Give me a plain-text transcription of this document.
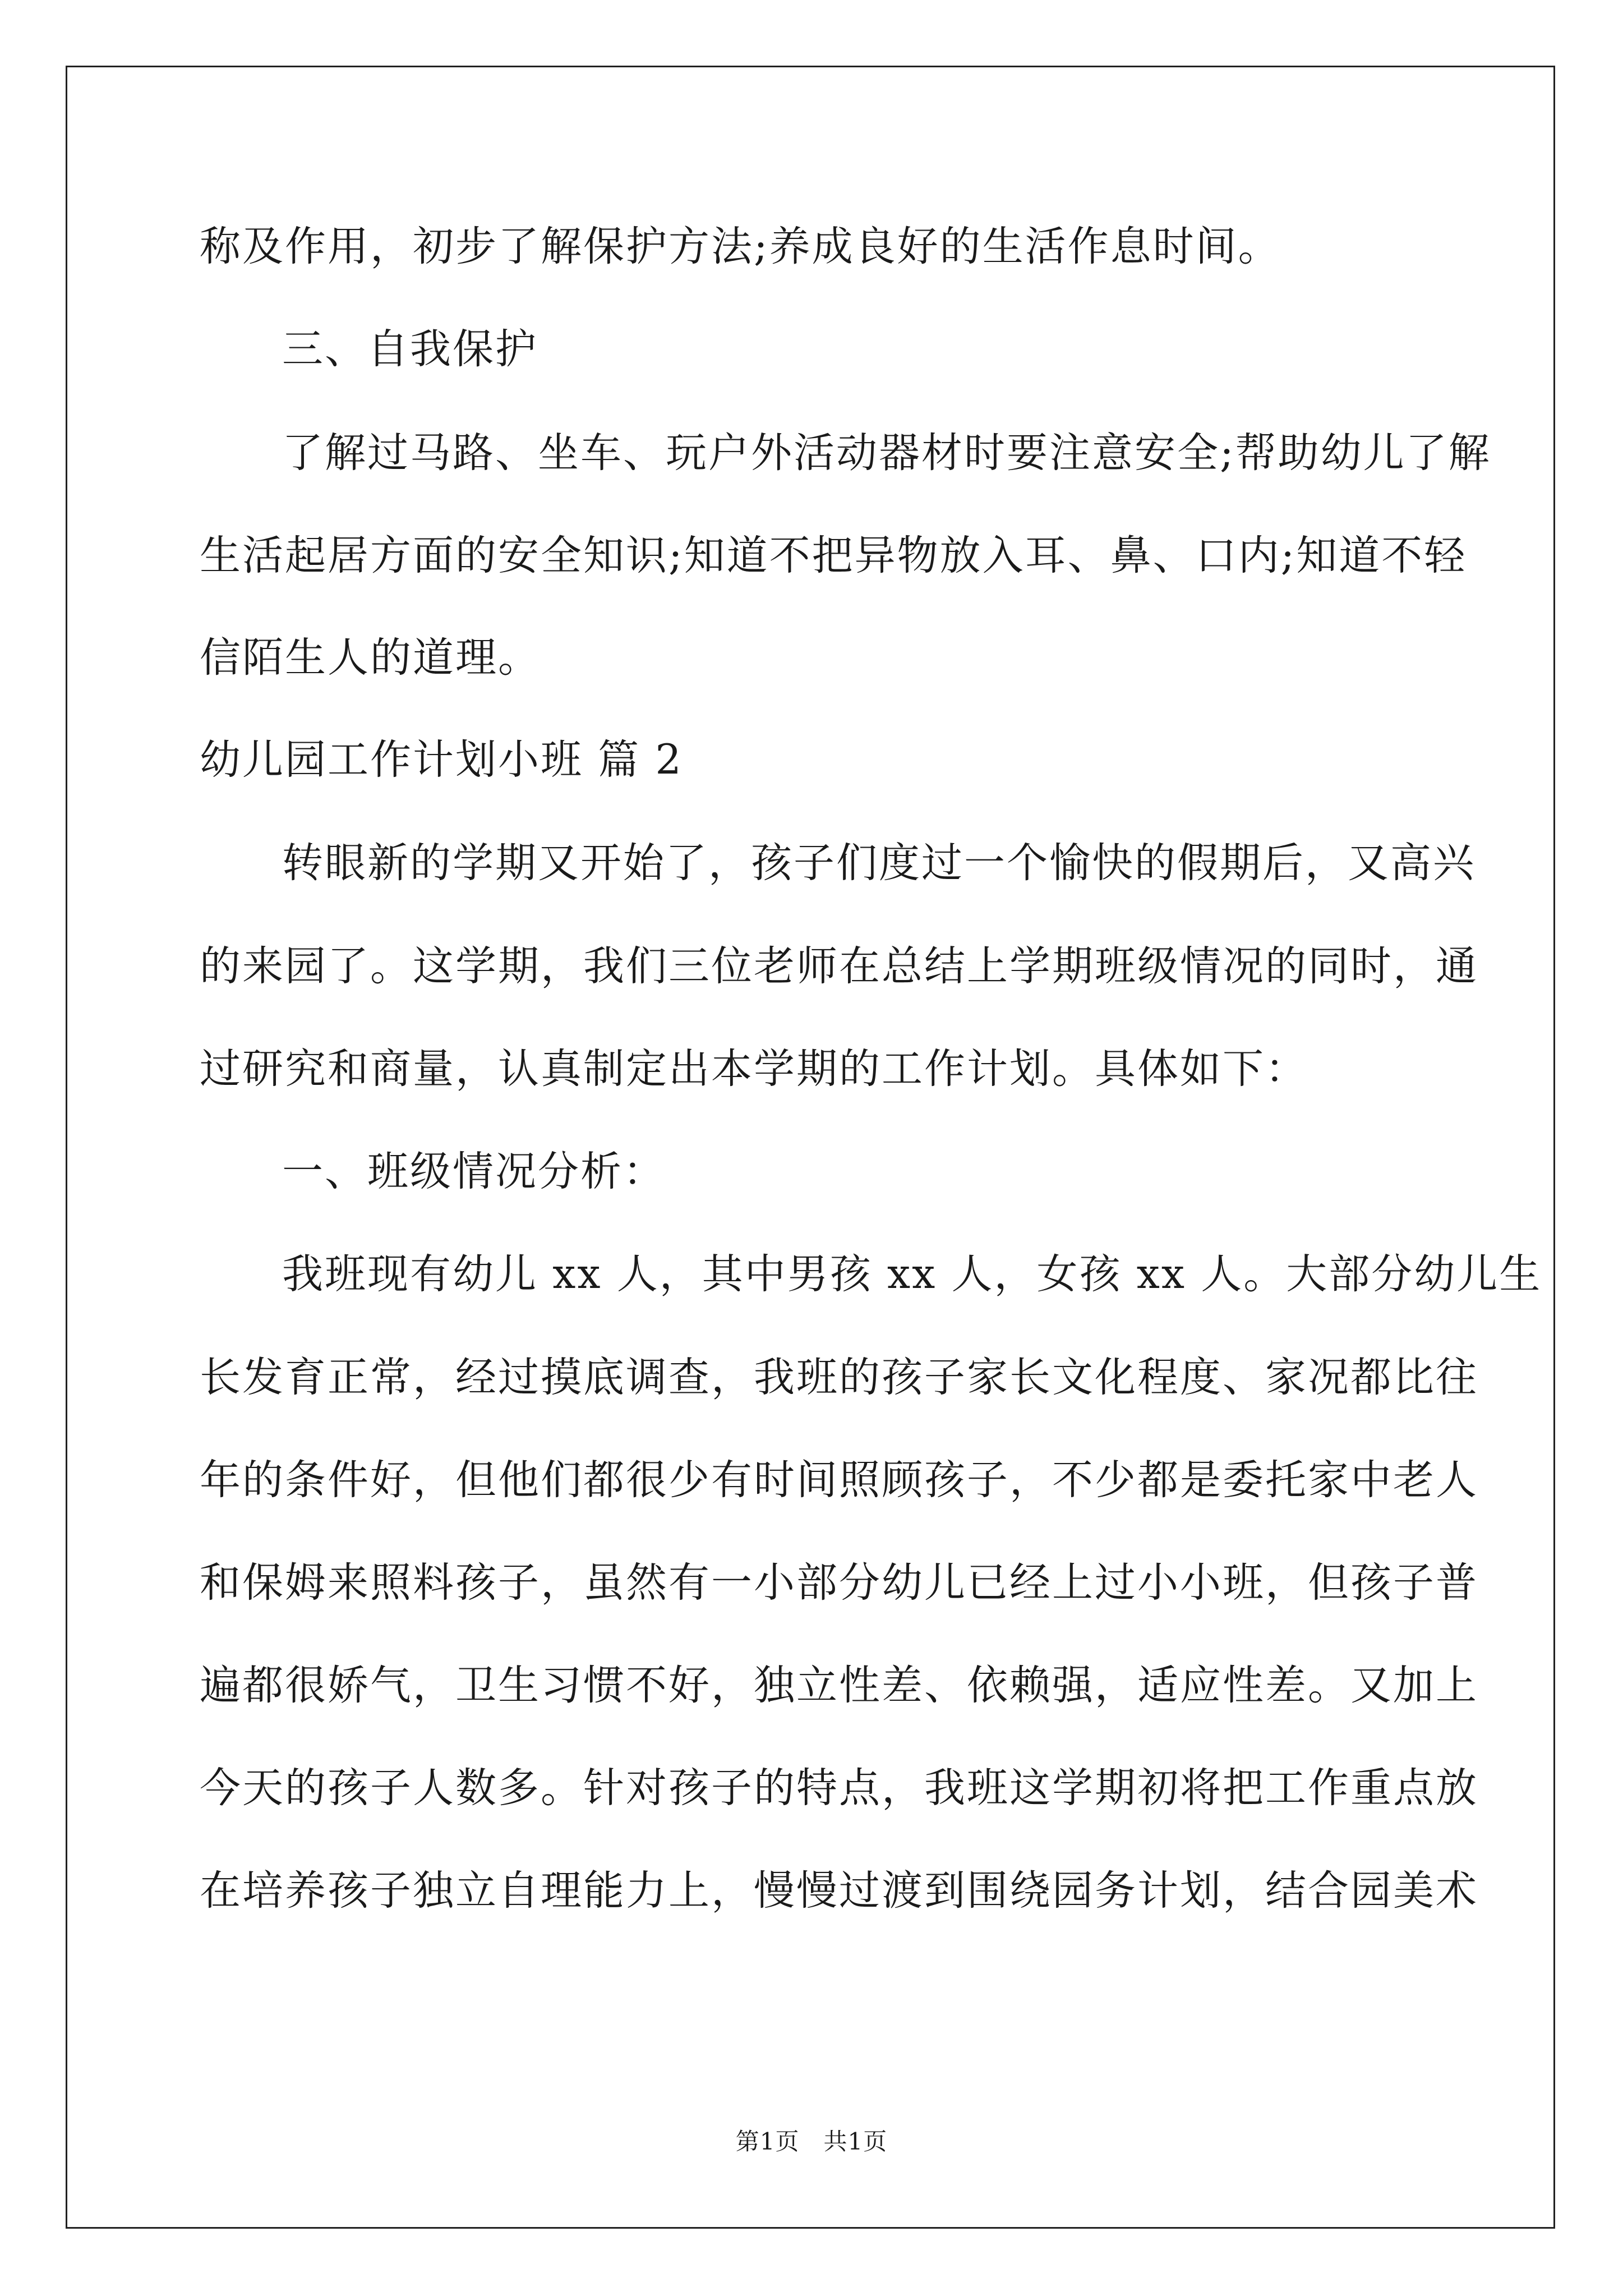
称及作用，初步了解保护方法;养成良好的生活作息时间。

三、自我保护

了解过马路、坐车、玩户外活动器材时要注意安全;帮助幼儿了解

生活起居方面的安全知识;知道不把异物放入耳、鼻、口内;知道不轻

信陌生人的道理。

幼儿园工作计划小班 篇 2

转眼新的学期又开始了，孩子们度过一个愉快的假期后，又高兴

的来园了。这学期，我们三位老师在总结上学期班级情况的同时，通

过研究和商量，认真制定出本学期的工作计划。具体如下：

一、班级情况分析：

我班现有幼儿 xx 人，其中男孩 xx 人，女孩 xx 人。大部分幼儿生

长发育正常，经过摸底调查，我班的孩子家长文化程度、家况都比往

年的条件好，但他们都很少有时间照顾孩子，不少都是委托家中老人

和保姆来照料孩子，虽然有一小部分幼儿已经上过小小班，但孩子普

遍都很娇气，卫生习惯不好，独立性差、依赖强，适应性差。又加上

今天的孩子人数多。针对孩子的特点，我班这学期初将把工作重点放

在培养孩子独立自理能力上，慢慢过渡到围绕园务计划，结合园美术

第1页　共1页
